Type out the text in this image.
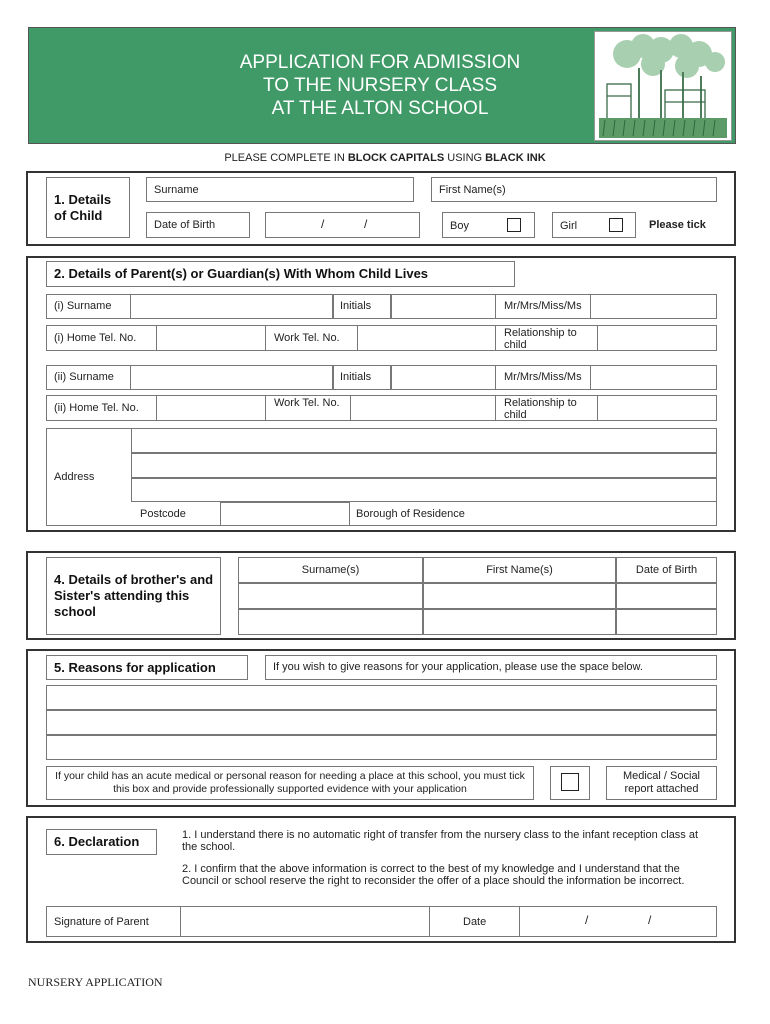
APPLICATION FOR ADMISSION
TO THE NURSERY CLASS
AT THE ALTON SCHOOL
PLEASE COMPLETE IN BLOCK CAPITALS USING BLACK INK
1. Details
of Child
Surname	First Name(s)
Date of Birth	/	/	Boy	Girl	Please tick
2. Details of Parent(s) or Guardian(s) With Whom Child Lives
(i) Surname	Initials	Mr/Mrs/Miss/Ms
(i) Home Tel. No.	Work Tel. No.	Relationship to child
(ii) Surname	Initials	Mr/Mrs/Miss/Ms
(ii) Home Tel. No.	Work Tel. No.	Relationship to child
Address
Postcode	Borough of Residence
4. Details of brother's and Sister's attending this school
Surname(s)	First Name(s)	Date of Birth
5. Reasons for application	If you wish to give reasons for your application, please use the space below.
If your child has an acute medical or personal reason for needing a place at this school, you must tick this box and provide professionally supported evidence with your application
Medical / Social report attached
6. Declaration	1. I understand there is no automatic right of transfer from the nursery class to the infant reception class at the school.
2. I confirm that the above information is correct to the best of my knowledge and I understand that the Council or school reserve the right to reconsider the offer of a place should the information be incorrect.
Signature of Parent	Date	/	/
NURSERY APPLICATION
